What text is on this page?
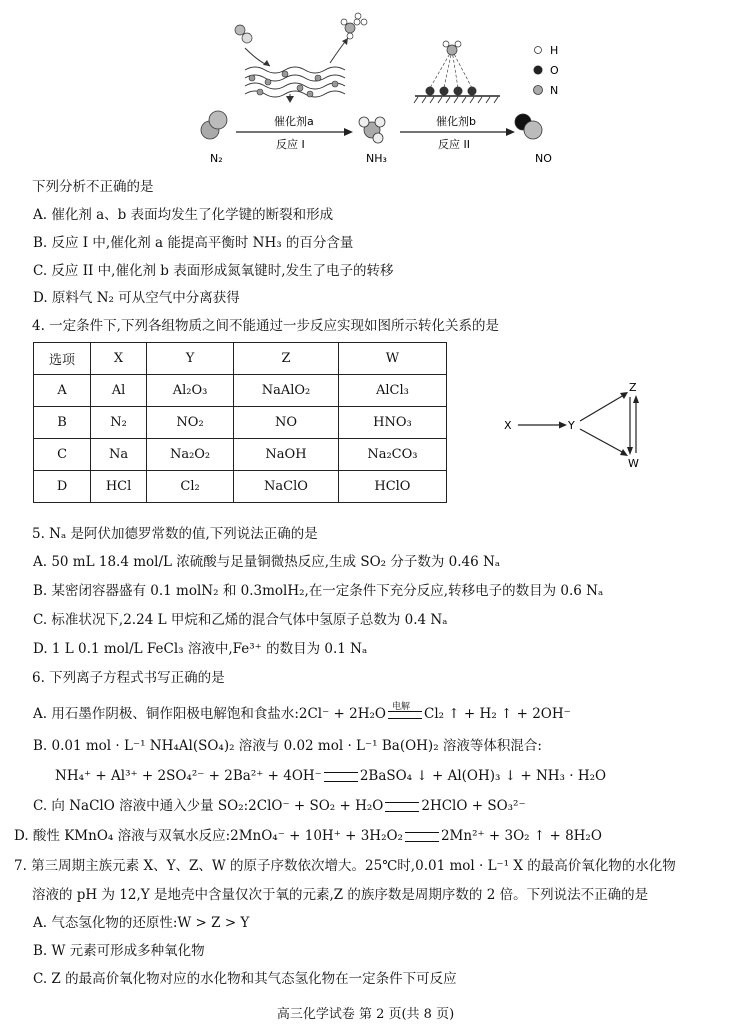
H
O
N
N₂
催化剂a
反应 I
NH₃
催化剂b
反应 II
NO
下列分析不正确的是
A. 催化剂 a、b 表面均发生了化学键的断裂和形成
B. 反应 I 中,催化剂 a 能提高平衡时 NH₃ 的百分含量
C. 反应 II 中,催化剂 b 表面形成氮氧键时,发生了电子的转移
D. 原料气 N₂ 可从空气中分离获得
4. 一定条件下,下列各组物质之间不能通过一步反应实现如图所示转化关系的是
选项	X	Y	Z	W
A	Al	Al₂O₃	NaAlO₂	AlCl₃
B	N₂	NO₂	NO	HNO₃
C	Na	Na₂O₂	NaOH	Na₂CO₃
D	HCl	Cl₂	NaClO	HClO
X	Y
Z
W
5. Nₐ 是阿伏加德罗常数的值,下列说法正确的是
A. 50 mL 18.4 mol/L 浓硫酸与足量铜微热反应,生成 SO₂ 分子数为 0.46 Nₐ
B. 某密闭容器盛有 0.1 molN₂ 和 0.3molH₂,在一定条件下充分反应,转移电子的数目为 0.6 Nₐ
C. 标准状况下,2.24 L 甲烷和乙烯的混合气体中氢原子总数为 0.4 Nₐ
D. 1 L 0.1 mol/L FeCl₃ 溶液中,Fe³⁺ 的数目为 0.1 Nₐ
6. 下列离子方程式书写正确的是
A. 用石墨作阴极、铜作阳极电解饱和食盐水:2Cl⁻ + 2H₂O 电解 Cl₂ ↑ + H₂ ↑ + 2OH⁻
B. 0.01 mol · L⁻¹ NH₄Al(SO₄)₂ 溶液与 0.02 mol · L⁻¹ Ba(OH)₂ 溶液等体积混合:
NH₄⁺ + Al³⁺ + 2SO₄²⁻ + 2Ba²⁺ + 4OH⁻	2BaSO₄ ↓ + Al(OH)₃ ↓ + NH₃ · H₂O
C. 向 NaClO 溶液中通入少量 SO₂:2ClO⁻ + SO₂ + H₂O	2HClO + SO₃²⁻
D. 酸性 KMnO₄ 溶液与双氧水反应:2MnO₄⁻ + 10H⁺ + 3H₂O₂	2Mn²⁺ + 3O₂ ↑ + 8H₂O
7. 第三周期主族元素 X、Y、Z、W 的原子序数依次增大。25℃时,0.01 mol · L⁻¹ X 的最高价氧化物的水化物
溶液的 pH 为 12,Y 是地壳中含量仅次于氧的元素,Z 的族序数是周期序数的 2 倍。下列说法不正确的是
A. 气态氢化物的还原性:W > Z > Y
B. W 元素可形成多种氧化物
C. Z 的最高价氧化物对应的水化物和其气态氢化物在一定条件下可反应
高三化学试卷 第 2 页(共 8 页)
